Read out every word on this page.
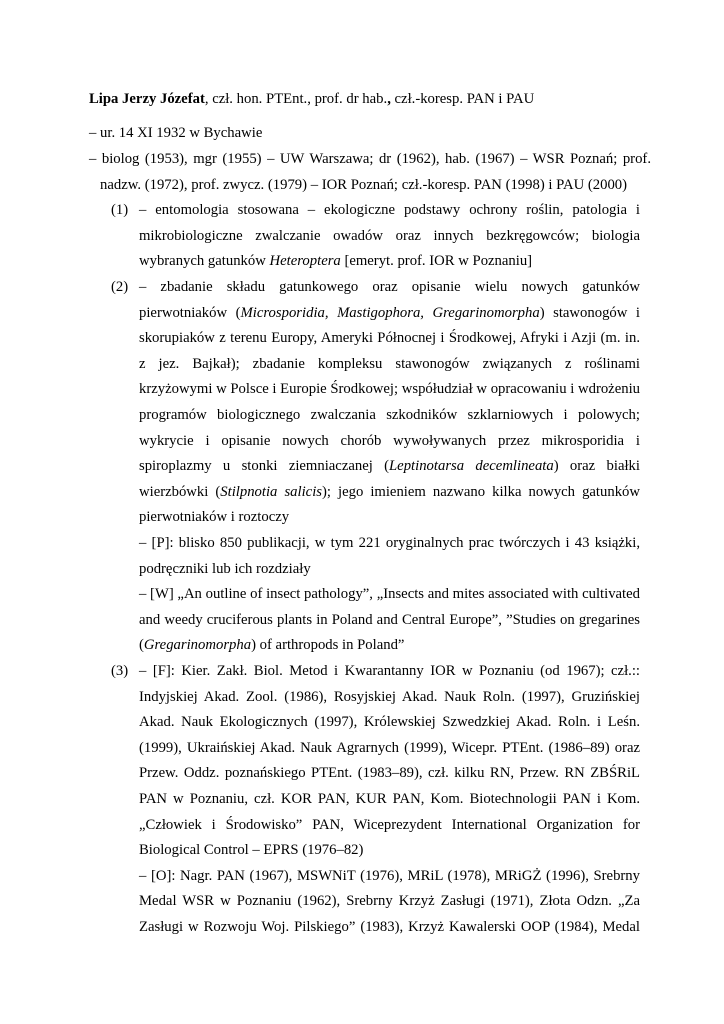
Lipa Jerzy Józefat, czł. hon. PTEnt., prof. dr hab., czł.-koresp. PAN i PAU
– ur. 14 XI 1932 w Bychawie
– biolog (1953), mgr (1955) – UW Warszawa; dr (1962), hab. (1967) – WSR Poznań; prof. nadzw. (1972), prof. zwycz. (1979) – IOR Poznań; czł.-koresp. PAN (1998) i PAU (2000)
(1) – entomologia stosowana – ekologiczne podstawy ochrony roślin, patologia i mikrobiologiczne zwalczanie owadów oraz innych bezkręgowców; biologia wybranych gatunków Heteroptera [emeryt. prof. IOR w Poznaniu]
(2) – zbadanie składu gatunkowego oraz opisanie wielu nowych gatunków pierwotniaków (Microsporidia, Mastigophora, Gregarinomorpha) stawonogów i skorupiaków z terenu Europy, Ameryki Północnej i Środkowej, Afryki i Azji (m. in. z jez. Bajkał); zbadanie kompleksu stawonogów związanych z roślinami krzyżowymi w Polsce i Europie Środkowej; współudział w opracowaniu i wdrożeniu programów biologicznego zwalczania szkodników szklarniowych i polowych; wykrycie i opisanie nowych chorób wywoływanych przez mikrosporidia i spiroplazmy u stonki ziemniaczanej (Leptinotarsa decemlineata) oraz białki wierzbówki (Stilpnotia salicis); jego imieniem nazwano kilka nowych gatunków pierwotniaków i roztoczy

– [P]: blisko 850 publikacji, w tym 221 oryginalnych prac twórczych i 43 książki, podręczniki lub ich rozdziały

– [W] „An outline of insect pathology”, „Insects and mites associated with cultivated and weedy cruciferous plants in Poland and Central Europe”, ”Studies on gregarines (Gregarinomorpha) of arthropods in Poland”

(3) – [F]: Kier. Zakł. Biol. Metod i Kwarantanny IOR w Poznaniu (od 1967); czł.:: Indyjskiej Akad. Zool. (1986), Rosyjskiej Akad. Nauk Roln. (1997), Gruzińskiej Akad. Nauk Ekologicznych (1997), Królewskiej Szwedzkiej Akad. Roln. i Leśn. (1999), Ukraińskiej Akad. Nauk Agrarnych (1999), Wicepr. PTEnt. (1986–89) oraz Przew. Oddz. poznańskiego PTEnt. (1983–89), czł. kilku RN, Przew. RN ZBŚRiL PAN w Poznaniu, czł. KOR PAN, KUR PAN, Kom. Biotechnologii PAN i Kom. „Człowiek i Środowisko” PAN, Wiceprezydent International Organization for Biological Control – EPRS (1976–82)

– [O]: Nagr. PAN (1967), MSWNiT (1976), MRiL (1978), MRiGŻ (1996), Srebrny Medal WSR w Poznaniu (1962), Srebrny Krzyż Zasługi (1971), Złota Odzn. „Za Zasługi w Rozwoju Woj. Pilskiego” (1983), Krzyż Kawalerski OOP (1984), Medal
